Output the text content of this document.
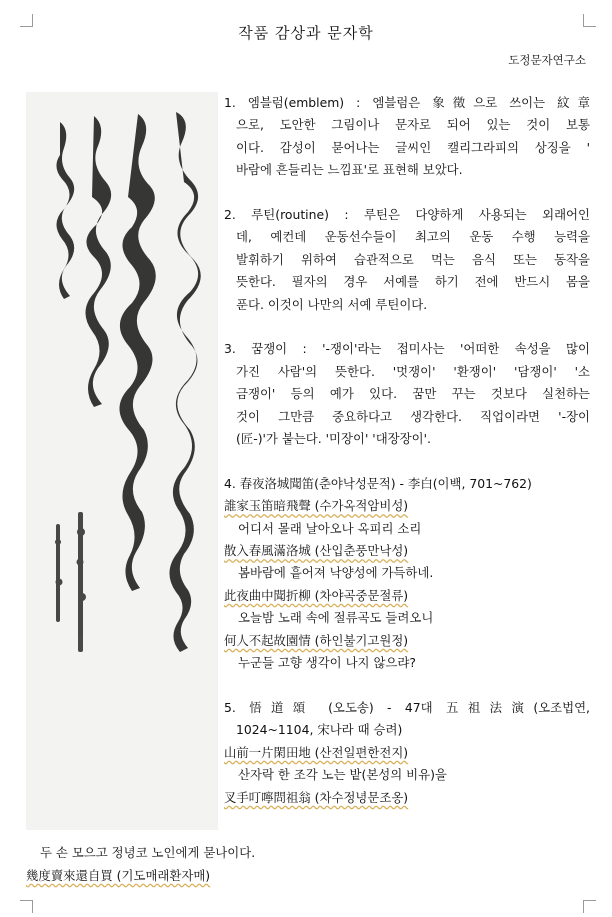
작품 감상과 문자학
도정문자연구소

1. 엠블럼(emblem) : 엠블럼은 象徵으로 쓰이는 紋章

으로, 도안한 그림이나 문자로 되어 있는 것이 보통

이다. 감성이 묻어나는 글씨인 캘리그라피의 상징을 '

바람에 흔들리는 느낌표'로 표현해 보았다.

2. 루틴(routine) : 루틴은 다양하게 사용되는 외래어인

데, 예컨데 운동선수들이 최고의 운동 수행 능력을

발휘하기 위하여 습관적으로 먹는 음식 또는 동작을

뜻한다. 필자의 경우 서예를 하기 전에 반드시 몸을

푼다. 이것이 나만의 서예 루틴이다.

3. 꿈쟁이 : '-쟁이'라는 접미사는 '어떠한 속성을 많이

가진 사람'의 뜻한다. '멋쟁이' '환쟁이' '담쟁이' '소

금쟁이' 등의 예가 있다. 꿈만 꾸는 것보다 실천하는

것이 그만큼 중요하다고 생각한다. 직업이라면 '-장이

(匠-)'가 붙는다. '미장이' '대장장이'.

4. 春夜洛城聞笛(춘야낙성문적) - 李白(이백, 701~762)

誰家玉笛暗飛聲 (수가옥적암비성)

어디서 몰래 날아오나 옥피리 소리

散入春風滿洛城 (산입춘풍만낙성)

봄바람에 흩어져 낙양성에 가득하네.

此夜曲中聞折柳 (차야곡중문절류)

오늘밤 노래 속에 절류곡도 들려오니

何人不起故園情 (하인불기고원정)

누군들 고향 생각이 나지 않으랴?

5. 悟道頌 (오도송) - 47대 五祖法演(오조법연,

1024~1104, 宋나라 때 승려)

山前一片閑田地 (산전일편한전지)

산자락 한 조각 노는 밭(본성의 비유)을

叉手叮嚀問祖翁 (차수정녕문조옹)

두 손 모으고 정녕코 노인에게 묻나이다.

幾度賣來還自買 (기도매래환자매)
